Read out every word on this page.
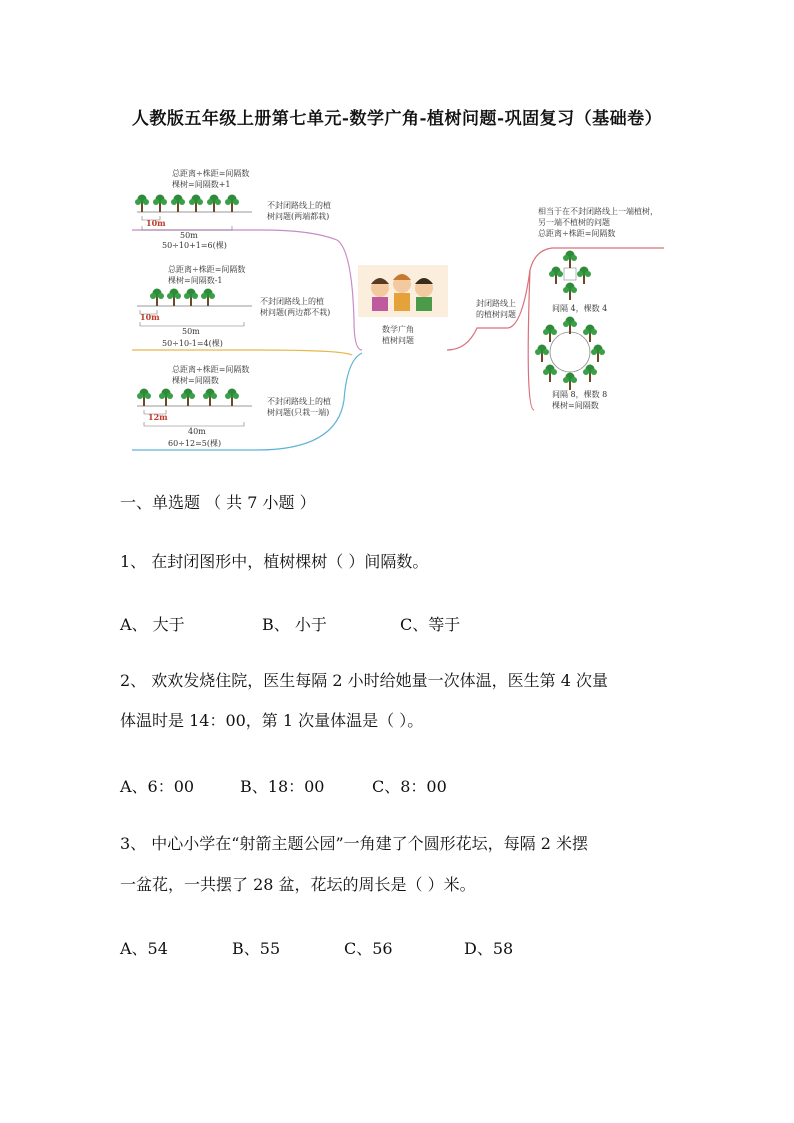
人教版五年级上册第七单元-数学广角-植树问题-巩固复习（基础卷）
总距离÷株距=间隔数
棵树=间隔数+1
10m
50m
50÷10+1=6(棵)
不封闭路线上的植
树问题(两端都栽)
总距离÷株距=间隔数
棵树=间隔数-1
10m
50m
50÷10-1=4(棵)
不封闭路线上的植
树问题(两边都不栽)
总距离÷株距=间隔数
棵树=间隔数
12m
40m
60÷12=5(棵)
不封闭路线上的植
树问题(只栽一端)
数学广角
植树问题
封闭路线上
的植树问题
相当于在不封闭路线上一端植树，
另一端不植树的问题
总距离÷株距=间隔数
间隔 4，棵数 4
间隔 8，棵数 8
棵树=间隔数
一、单选题 （ 共 7 小题 ）
1、 在封闭图形中，植树棵树（ ）间隔数。
A、 大于	B、 小于	C、等于
2、 欢欢发烧住院，医生每隔 2 小时给她量一次体温，医生第 4 次量
体温时是 14：00，第 1 次量体温是（ ）。
A、6：00	B、18：00	C、8：00
3、 中心小学在“射箭主题公园”一角建了个圆形花坛，每隔 2 米摆
一盆花，一共摆了 28 盆，花坛的周长是（ ）米。
A、54	B、55	C、56	D、58
